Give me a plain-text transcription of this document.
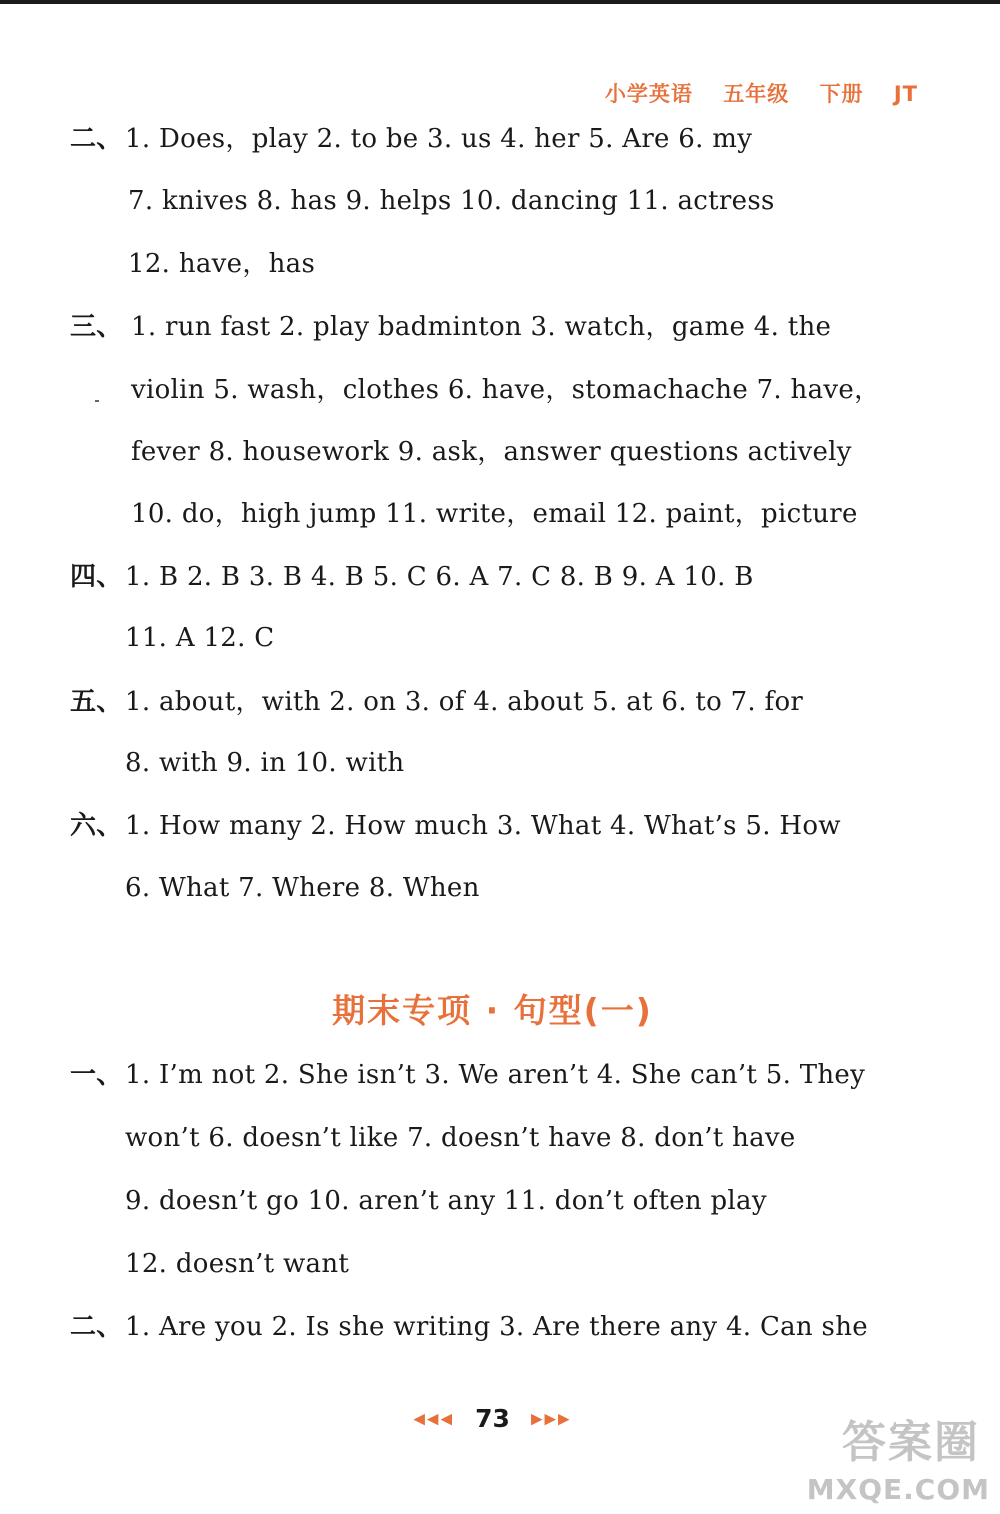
小学英语 五年级 下册 JT
二、 1. Does，play 2. to be 3. us 4. her 5. Are 6. my
7. knives 8. has 9. helps 10. dancing 11. actress
12. have，has
三、 1. run fast 2. play badminton 3. watch，game 4. the
violin 5. wash，clothes 6. have，stomachache 7. have，
fever 8. housework 9. ask，answer questions actively
10. do，high jump 11. write，email 12. paint，picture
四、 1. B 2. B 3. B 4. B 5. C 6. A 7. C 8. B 9. A 10. B
11. A 12. C
五、 1. about，with 2. on 3. of 4. about 5. at 6. to 7. for
8. with 9. in 10. with
六、 1. How many 2. How much 3. What 4. What’s 5. How
6. What 7. Where 8. When
期末专项 · 句型(一)
一、 1. I’m not 2. She isn’t 3. We aren’t 4. She can’t 5. They
won’t 6. doesn’t like 7. doesn’t have 8. don’t have
9. doesn’t go 10. aren’t any 11. don’t often play
12. doesn’t want
二、 1. Are you 2. Is she writing 3. Are there any 4. Can she
◀◀◀ 73 ▶▶▶	答案圈
MXQE.COM
